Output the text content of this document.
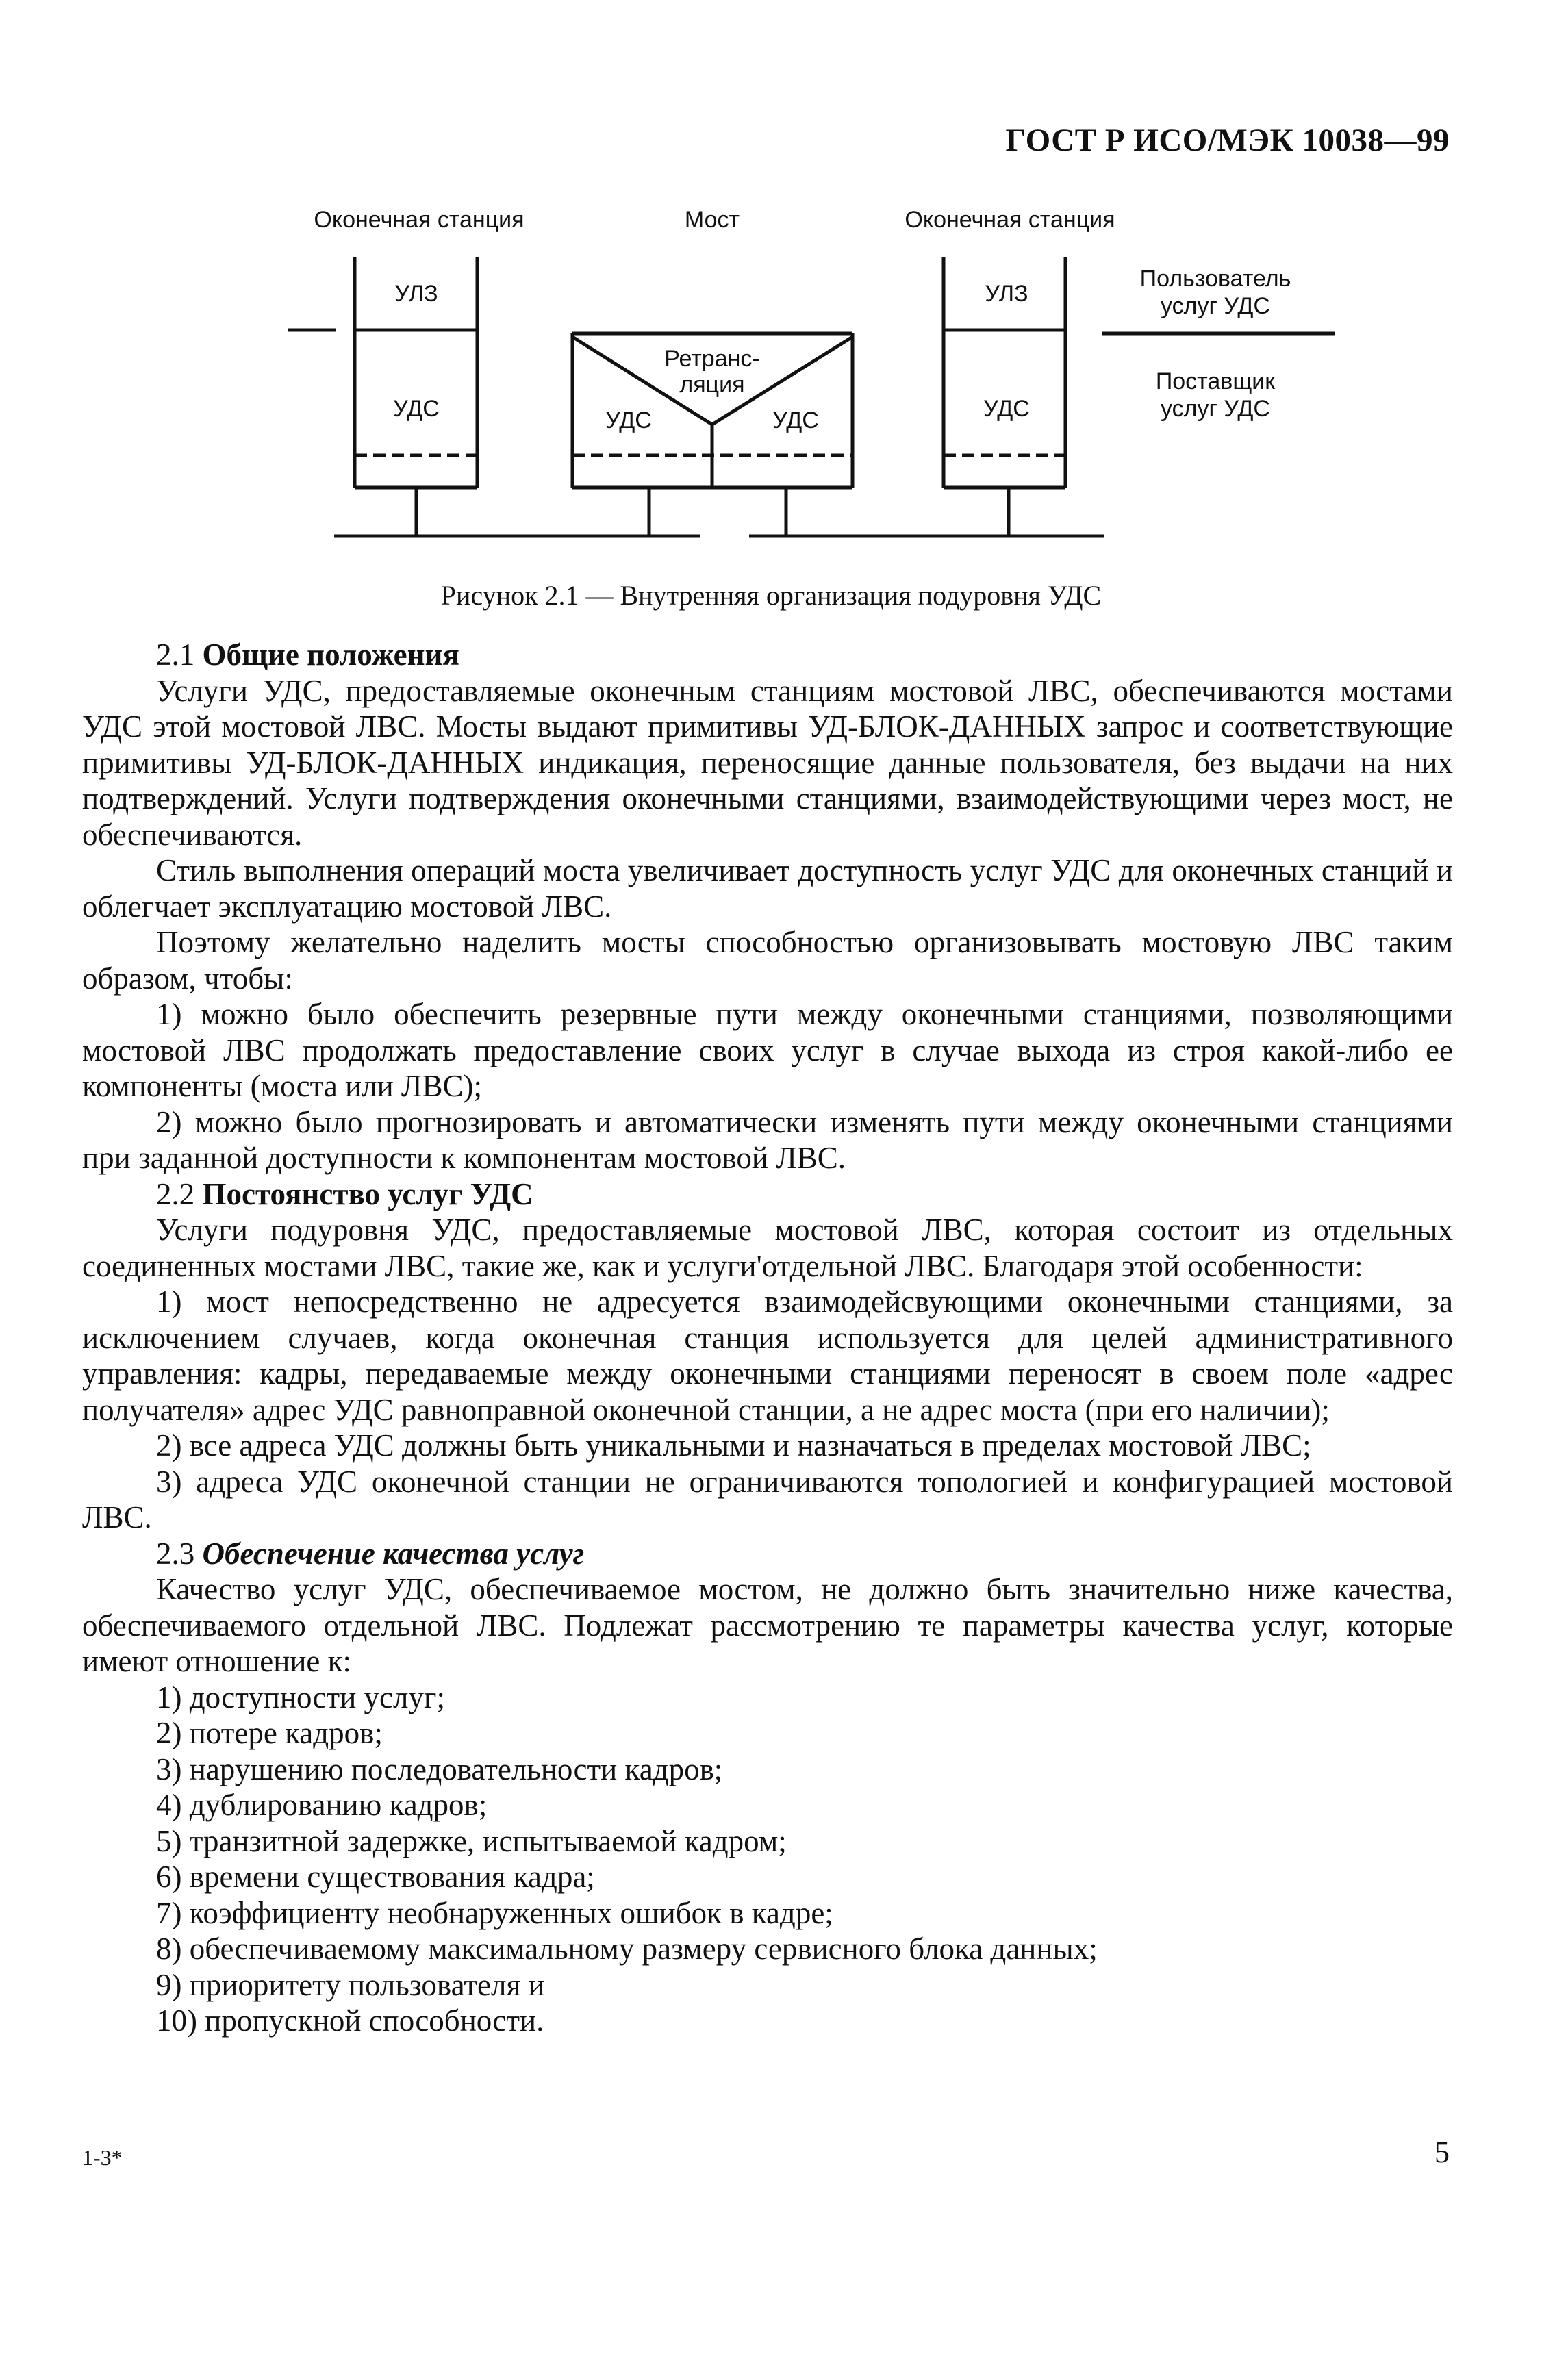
ГОСТ Р ИСО/МЭК 10038—99
Оконечная станция	Мост	Оконечная станция
УЛЗ
УДС
Ретранс-
ляция
УДС	УДС
УЛЗ
УДС
Пользователь
услуг УДС
Поставщик
услуг УДС
Рисунок 2.1 — Внутренняя организация подуровня УДС

2.1 Общие положения

Услуги УДС, предоставляемые оконечным станциям мостовой ЛВС, обеспечиваются мостами УДС этой мостовой ЛВС. Мосты выдают примитивы УД-БЛОК-ДАННЫХ запрос и соответствующие примитивы УД-БЛОК-ДАННЫХ индикация, переносящие данные пользователя, без выдачи на них подтверждений. Услуги подтверждения оконечными станциями, взаимодействующими через мост, не обеспечиваются.

Стиль выполнения операций моста увеличивает доступность услуг УДС для оконечных станций и облегчает эксплуатацию мостовой ЛВС.

Поэтому желательно наделить мосты способностью организовывать мостовую ЛВС таким образом, чтобы:

1) можно было обеспечить резервные пути между оконечными станциями, позволяющими мостовой ЛВС продолжать предоставление своих услуг в случае выхода из строя какой-либо ее компоненты (моста или ЛВС);

2) можно было прогнозировать и автоматически изменять пути между оконечными станциями при заданной доступности к компонентам мостовой ЛВС.

2.2 Постоянство услуг УДС

Услуги подуровня УДС, предоставляемые мостовой ЛВС, которая состоит из отдельных соединенных мостами ЛВС, такие же, как и услуги'отдельной ЛВС. Благодаря этой особенности:

1) мост непосредственно не адресуется взаимодейсвующими оконечными станциями, за исключением случаев, когда оконечная станция используется для целей административного управления: кадры, передаваемые между оконечными станциями переносят в своем поле «адрес получателя» адрес УДС равноправной оконечной станции, а не адрес моста (при его наличии);

2) все адреса УДС должны быть уникальными и назначаться в пределах мостовой ЛВС;

3) адреса УДС оконечной станции не ограничиваются топологией и конфигурацией мостовой ЛВС.

2.3 Обеспечение качества услуг

Качество услуг УДС, обеспечиваемое мостом, не должно быть значительно ниже качества, обеспечиваемого отдельной ЛВС. Подлежат рассмотрению те параметры качества услуг, которые имеют отношение к:

1) доступности услуг;

2) потере кадров;

3) нарушению последовательности кадров;

4) дублированию кадров;

5) транзитной задержке, испытываемой кадром;

6) времени существования кадра;

7) коэффициенту необнаруженных ошибок в кадре;

8) обеспечиваемому максимальному размеру сервисного блока данных;

9) приоритету пользователя и

10) пропускной способности.

1-3*	5
